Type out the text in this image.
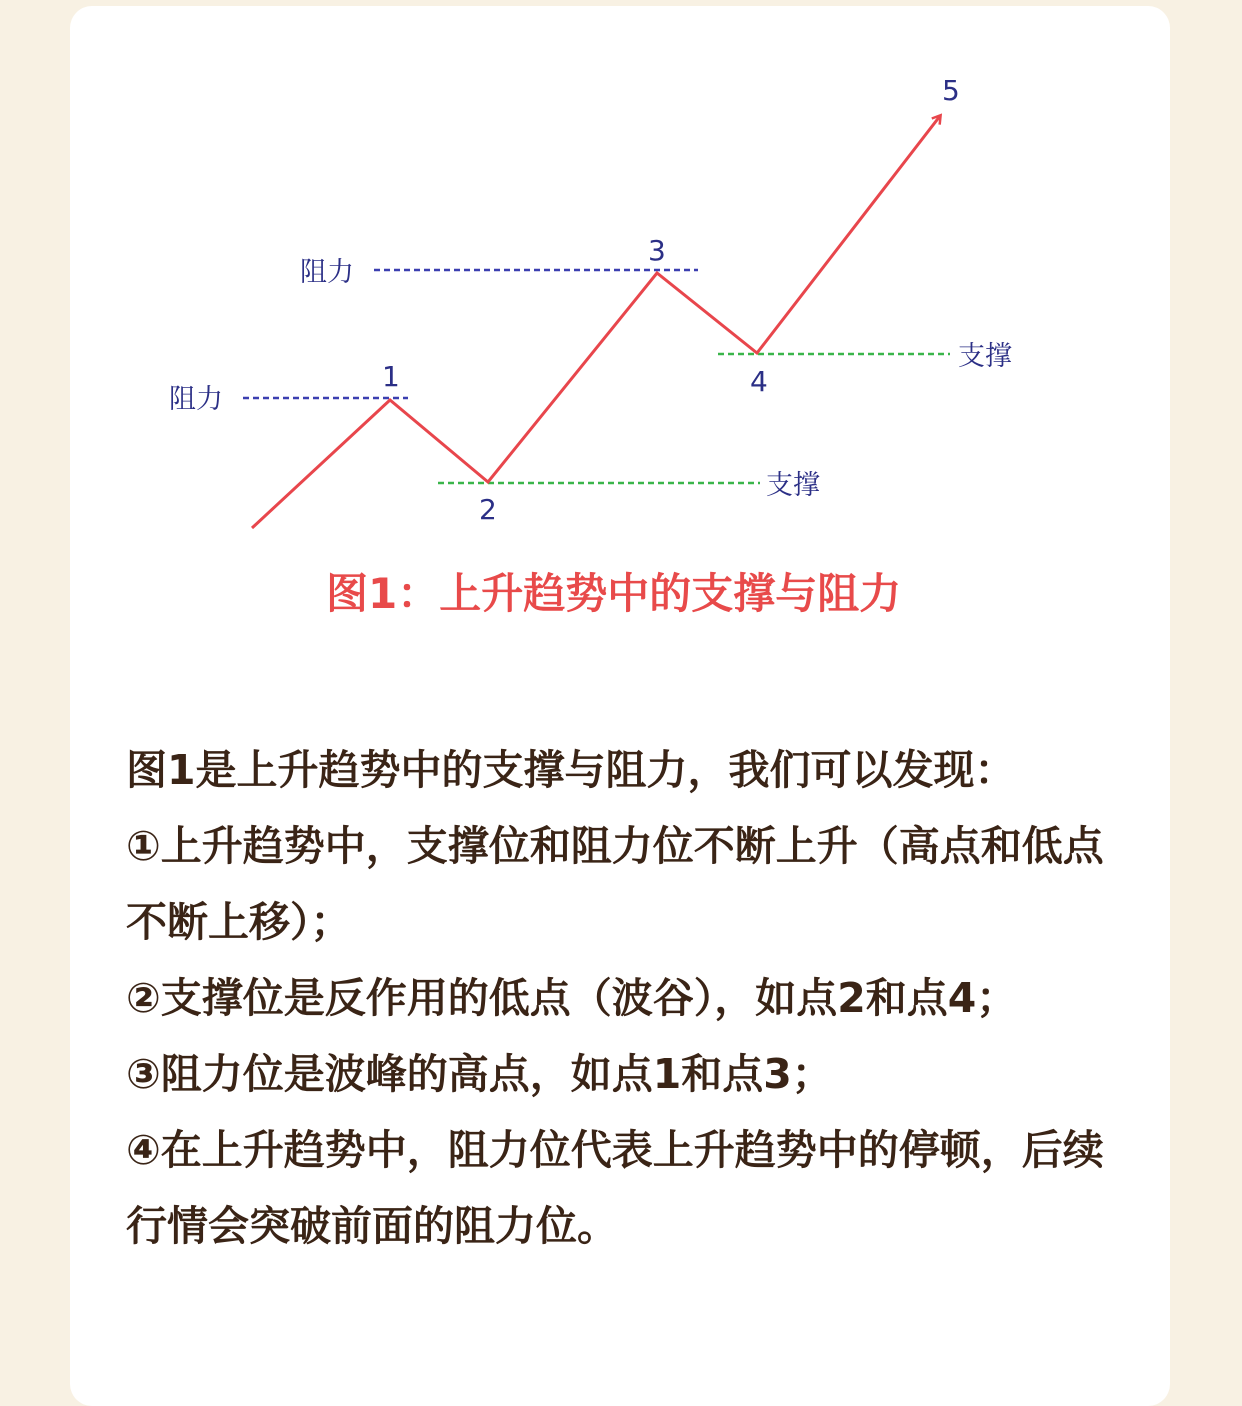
阻力
阻力
支撑
支撑
1
2
3
4
5
图1：上升趋势中的支撑与阻力

图1是上升趋势中的支撑与阻力，我们可以发现：

①上升趋势中，支撑位和阻力位不断上升（高点和低点不断上移）；

②支撑位是反作用的低点（波谷），如点2和点4；

③阻力位是波峰的高点，如点1和点3；

④在上升趋势中，阻力位代表上升趋势中的停顿，后续行情会突破前面的阻力位。
